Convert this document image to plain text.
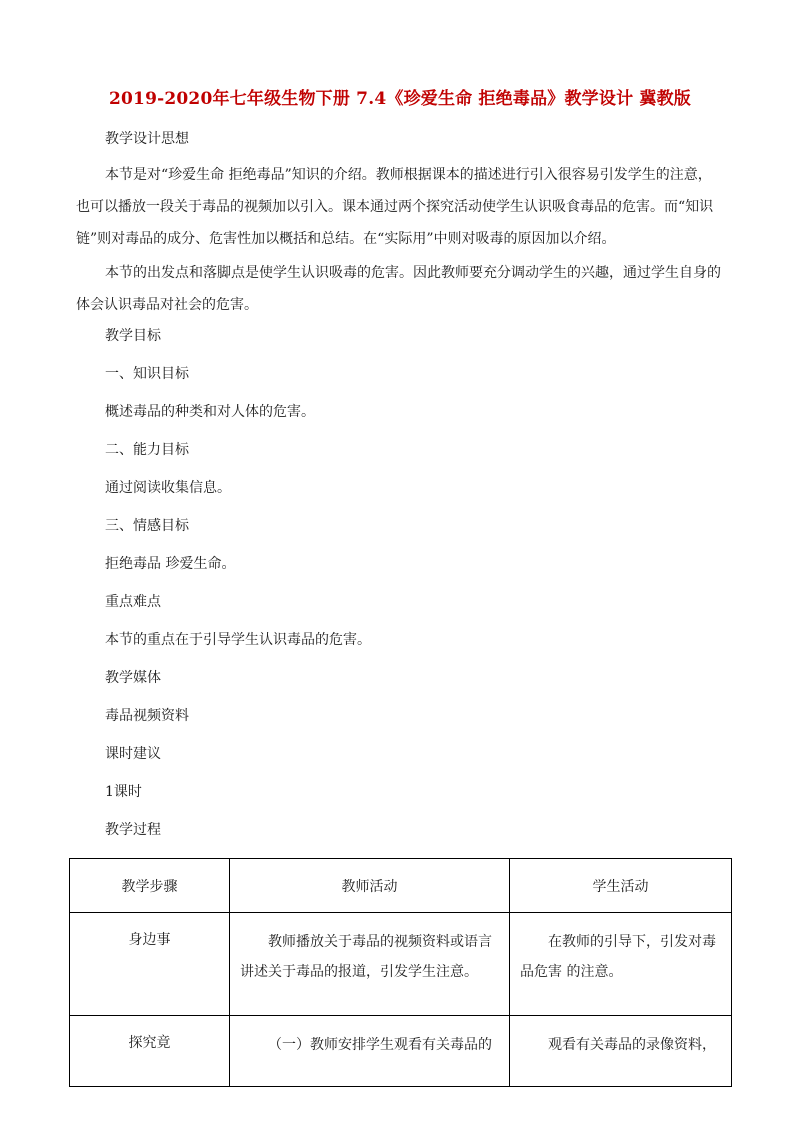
2019-2020年七年级生物下册 7.4《珍爱生命 拒绝毒品》教学设计 冀教版
教学设计思想
本节是对“珍爱生命 拒绝毒品”知识的介绍。教师根据课本的描述进行引入很容易引发学生的注意，也可以播放一段关于毒品的视频加以引入。课本通过两个探究活动使学生认识吸食毒品的危害。而“知识链”则对毒品的成分、危害性加以概括和总结。在“实际用”中则对吸毒的原因加以介绍。
本节的出发点和落脚点是使学生认识吸毒的危害。因此教师要充分调动学生的兴趣，通过学生自身的体会认识毒品对社会的危害。
教学目标
一、知识目标
概述毒品的种类和对人体的危害。
二、能力目标
通过阅读收集信息。
三、情感目标
拒绝毒品 珍爱生命。
重点难点
本节的重点在于引导学生认识毒品的危害。
教学媒体
毒品视频资料
课时建议
1课时
教学过程
教学步骤	教师活动	学生活动
身边事	教师播放关于毒品的视频资料或语言讲述关于毒品的报道，引发学生注意。	在教师的引导下，引发对毒品危害 的注意。
探究竟	（一）教师安排学生观看有关毒品的	观看有关毒品的录像资料，
